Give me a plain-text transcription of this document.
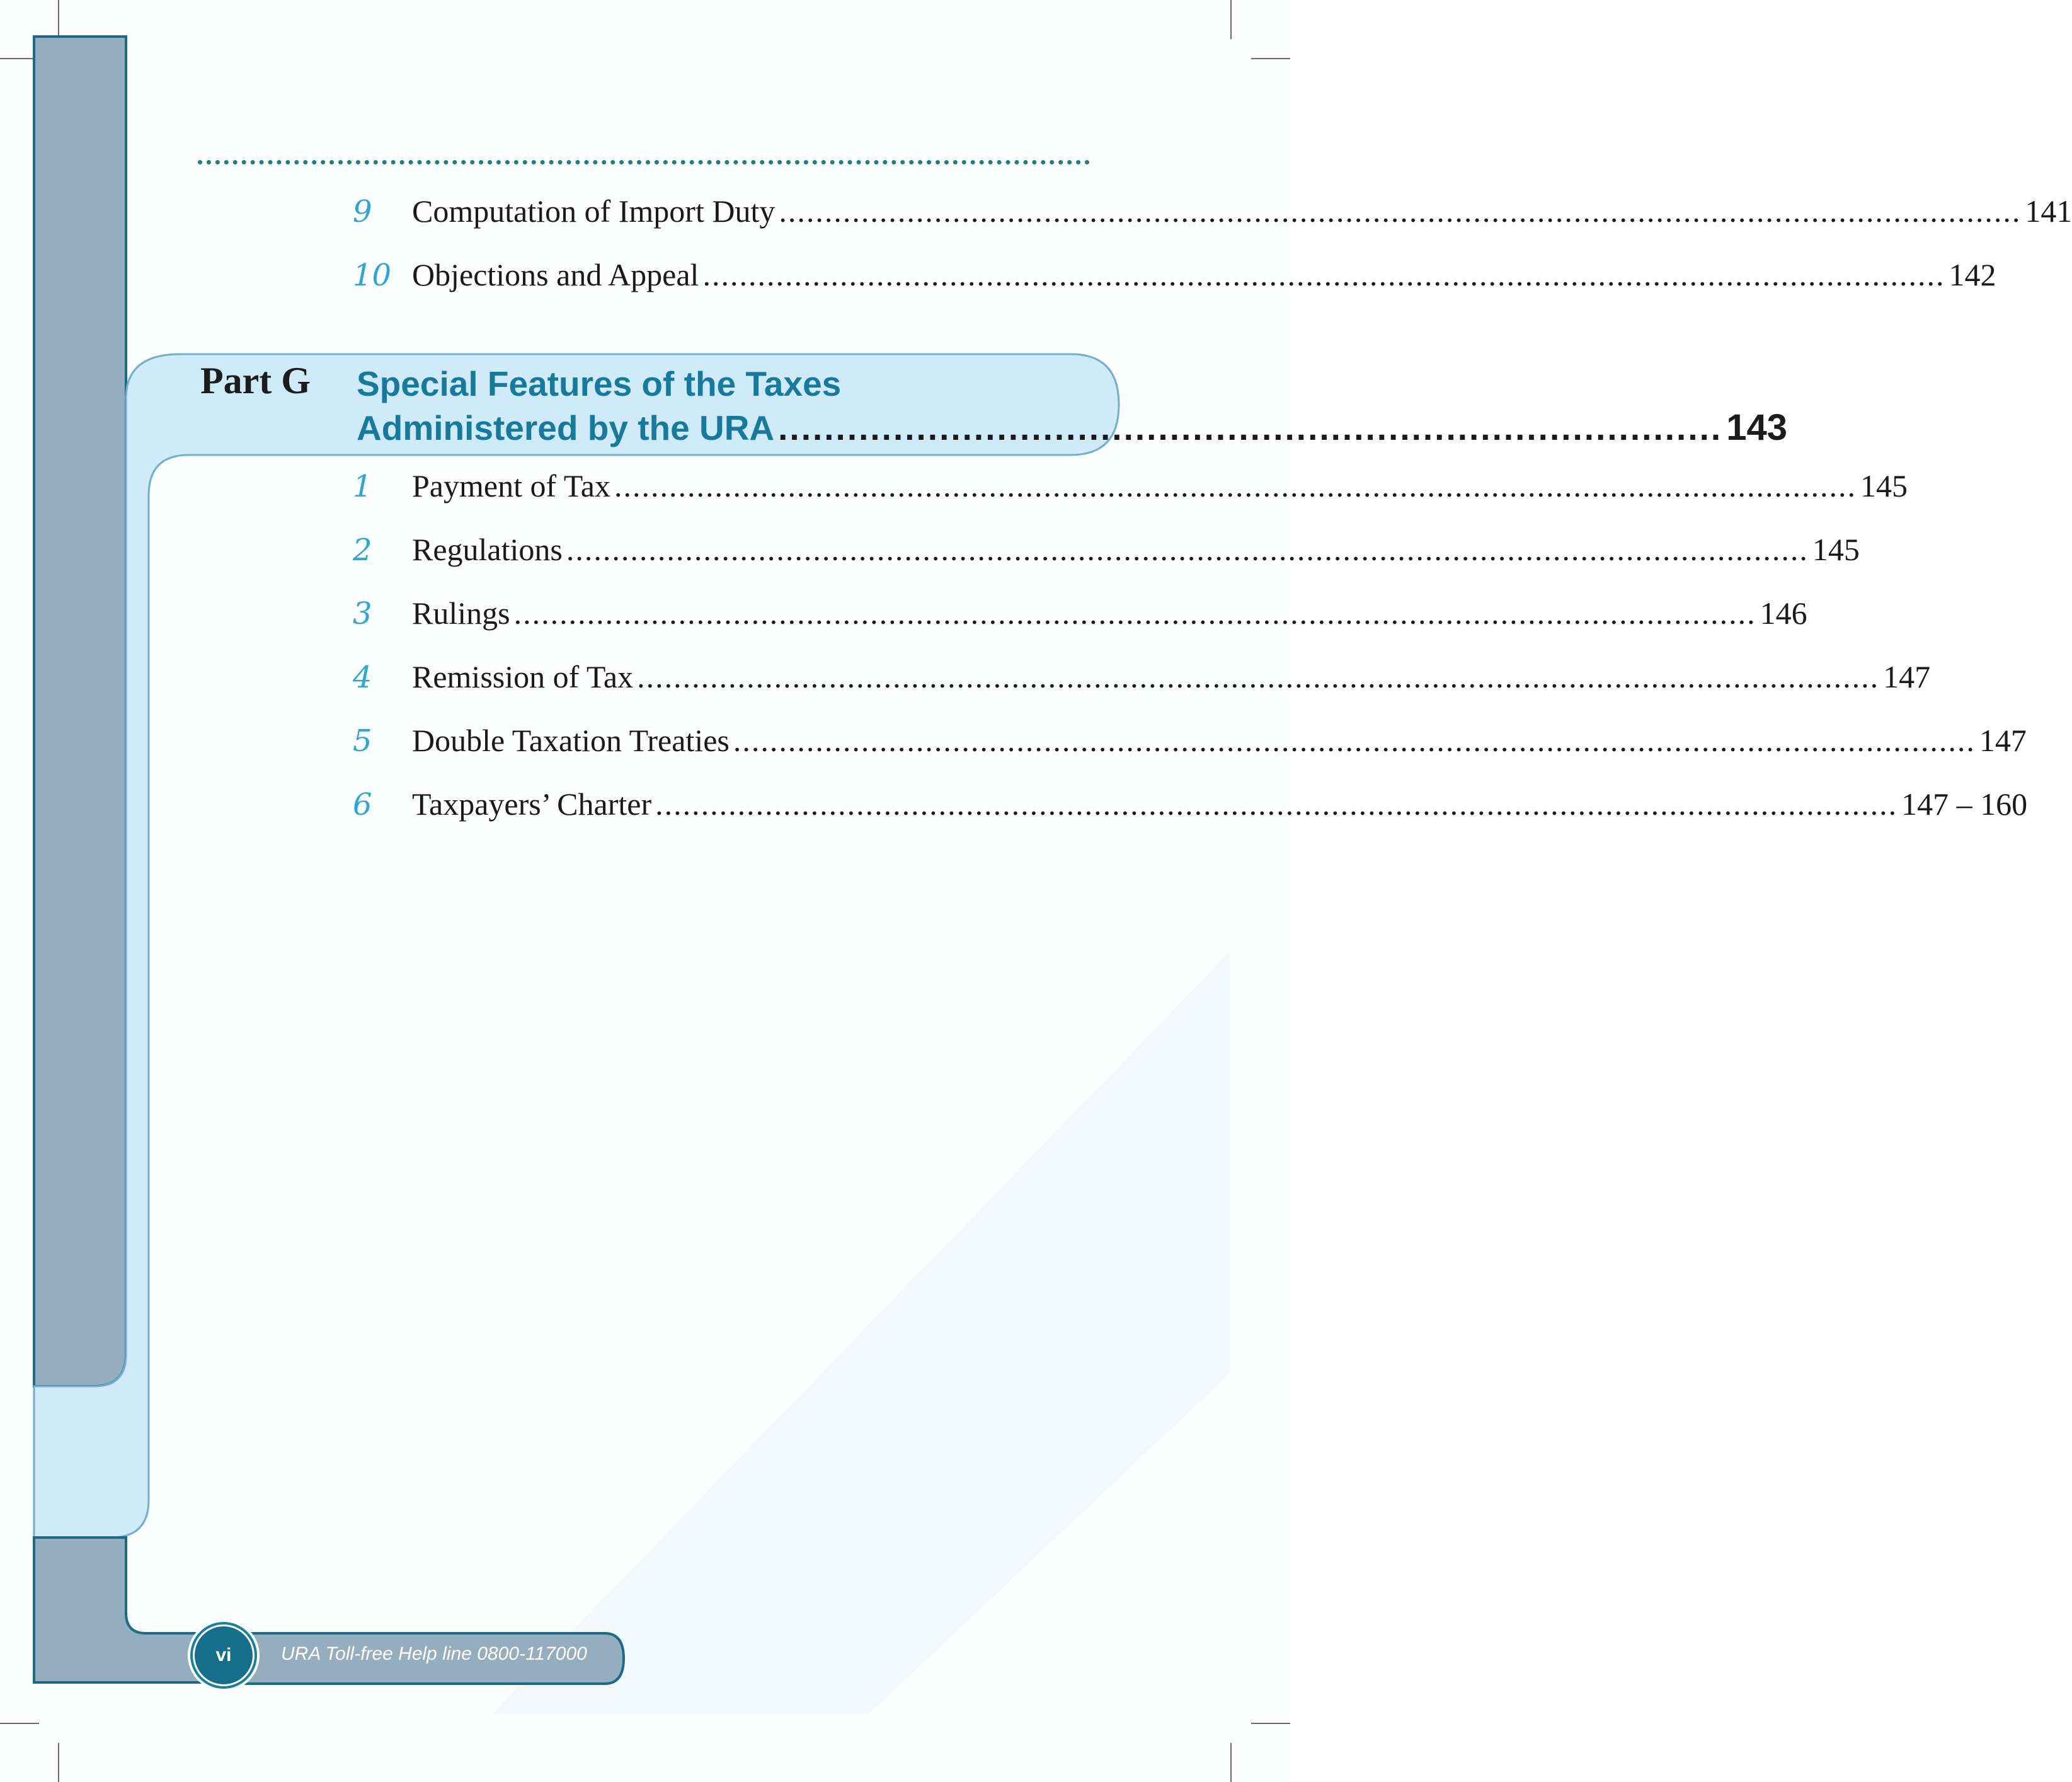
9	Computation of Import Duty ........................................................................................................................................ 141
10 Objections and Appeal ........................................................................................................................................ 142
Part G Special Features of the Taxes
Administered by the URA .................................................................................. 143
1	Payment of Tax ........................................................................................................................................ 145
2	Regulations ........................................................................................................................................ 145
3	Rulings ........................................................................................................................................ 146
4	Remission of Tax ........................................................................................................................................ 147
5	Double Taxation Treaties ........................................................................................................................................ 147
6	Taxpayers’ Charter ........................................................................................................................................ 147 – 160
vi	URA Toll-free Help line 0800-117000
